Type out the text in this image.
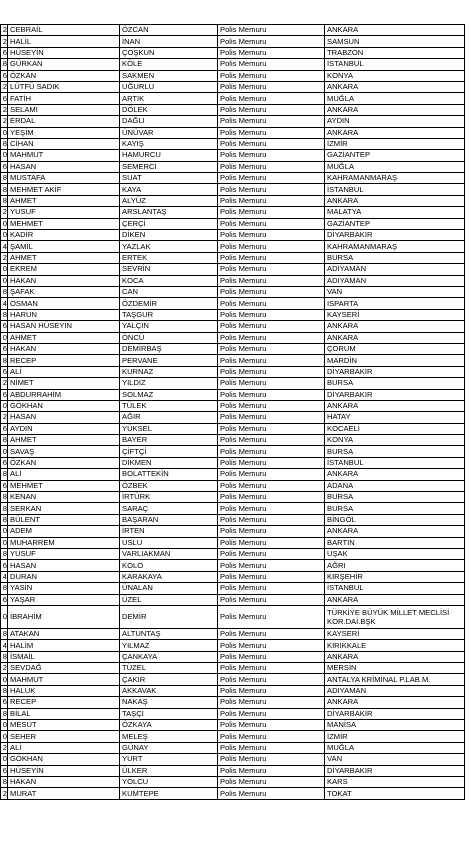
2	CEBRAİL	ÖZCAN	Polis Memuru	ANKARA
2	HALİL	İNAN	Polis Memuru	SAMSUN
6	HÜSEYİN	ÇOŞKUN	Polis Memuru	TRABZON
8	GÜRKAN	KÖLE	Polis Memuru	İSTANBUL
6	ÖZKAN	SAKMEN	Polis Memuru	KONYA
2	LÜTFÜ SADIK	UĞURLU	Polis Memuru	ANKARA
6	FATİH	ARTIK	Polis Memuru	MUĞLA
2	SELAMİ	DÖLEK	Polis Memuru	ANKARA
2	ERDAL	DAĞLI	Polis Memuru	AYDIN
0	YEŞİM	ÜNÜVAR	Polis Memuru	ANKARA
8	CİHAN	KAYIŞ	Polis Memuru	İZMİR
0	MAHMUT	HAMURCU	Polis Memuru	GAZİANTEP
6	HASAN	SEMERCİ	Polis Memuru	MUĞLA
8	MUSTAFA	SUAT	Polis Memuru	KAHRAMANMARAŞ
8	MEHMET AKİF	KAYA	Polis Memuru	İSTANBUL
8	AHMET	ALYÜZ	Polis Memuru	ANKARA
2	YUSUF	ARSLANTAŞ	Polis Memuru	MALATYA
0	MEHMET	ÇERÇİ	Polis Memuru	GAZİANTEP
0	KADİR	DİKEN	Polis Memuru	DİYARBAKIR
4	ŞAMİL	YAZLAK	Polis Memuru	KAHRAMANMARAŞ
2	AHMET	ERTEK	Polis Memuru	BURSA
0	EKREM	SEVRİN	Polis Memuru	ADIYAMAN
0	HAKAN	KOCA	Polis Memuru	ADIYAMAN
8	ŞAFAK	CAN	Polis Memuru	VAN
4	OSMAN	ÖZDEMİR	Polis Memuru	ISPARTA
8	HARUN	TAŞGUR	Polis Memuru	KAYSERİ
6	HASAN HÜSEYİN	YALÇIN	Polis Memuru	ANKARA
0	AHMET	ÖNCÜ	Polis Memuru	ANKARA
6	HAKAN	DEMİRBAŞ	Polis Memuru	ÇORUM
8	RECEP	PERVANE	Polis Memuru	MARDİN
6	ALİ	KURNAZ	Polis Memuru	DİYARBAKIR
2	NİMET	YILDIZ	Polis Memuru	BURSA
6	ABDURRAHİM	SOLMAZ	Polis Memuru	DİYARBAKIR
0	GÖKHAN	TÜLEK	Polis Memuru	ANKARA
2	HASAN	AĞIR	Polis Memuru	HATAY
6	AYDIN	YÜKSEL	Polis Memuru	KOCAELİ
8	AHMET	BAYER	Polis Memuru	KONYA
0	SAVAŞ	ÇİFTÇİ	Polis Memuru	BURSA
6	ÖZKAN	DİKMEN	Polis Memuru	İSTANBUL
8	ALİ	BOLATTEKİN	Polis Memuru	ANKARA
6	MEHMET	ÖZBEK	Polis Memuru	ADANA
8	KENAN	İRTÜRK	Polis Memuru	BURSA
8	SERKAN	SARAÇ	Polis Memuru	BURSA
8	BÜLENT	BAŞARAN	Polis Memuru	BİNGÖL
0	ADEM	İRTEN	Polis Memuru	ANKARA
0	MUHARREM	USLU	Polis Memuru	BARTIN
8	YUSUF	VARLIAKMAN	Polis Memuru	UŞAK
6	HASAN	KOLO	Polis Memuru	AĞRI
4	DURAN	KARAKAYA	Polis Memuru	KIRŞEHİR
8	YASİN	ÜNALAN	Polis Memuru	İSTANBUL
6	YAŞAR	ÜZEL	Polis Memuru	ANKARA
0	İBRAHİM	DEMİR	Polis Memuru	TÜRKİYE BÜYÜK MİLLET MECLİSİ KOR.DAİ.BŞK
8	ATAKAN	ALTUNTAŞ	Polis Memuru	KAYSERİ
4	HALİM	YILMAZ	Polis Memuru	KIRIKKALE
8	İSMAİL	ÇANKAYA	Polis Memuru	ANKARA
2	SEVDAĞ	TÜZEL	Polis Memuru	MERSİN
0	MAHMUT	ÇAKIR	Polis Memuru	ANTALYA KRİMİNAL P.LAB.M.
8	HALUK	AKKAVAK	Polis Memuru	ADIYAMAN
6	RECEP	NAKAŞ	Polis Memuru	ANKARA
8	BİLAL	TAŞÇI	Polis Memuru	DİYARBAKIR
0	MESUT	ÖZKAYA	Polis Memuru	MANİSA
0	SEHER	MELEŞ	Polis Memuru	İZMİR
2	ALİ	GÜNAY	Polis Memuru	MUĞLA
0	GÖKHAN	YURT	Polis Memuru	VAN
6	HÜSEYİN	ÜLKER	Polis Memuru	DİYARBAKIR
8	HAKAN	YOLCU	Polis Memuru	KARS
2	MURAT	KUMTEPE	Polis Memuru	TOKAT
